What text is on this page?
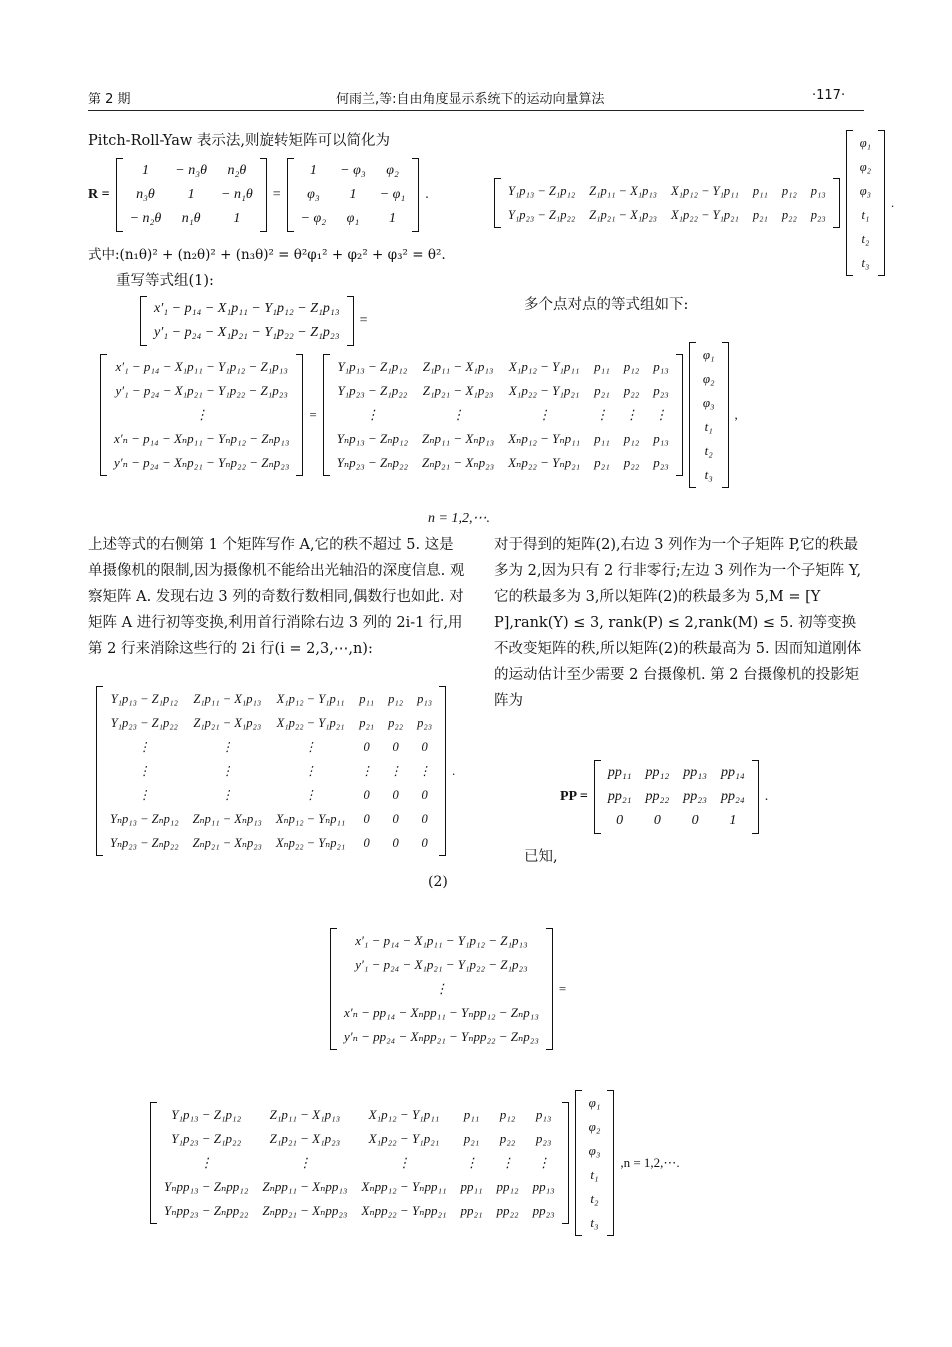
第 2 期	何雨兰,等:自由角度显示系统下的运动向量算法	·117·
Pitch-Roll-Yaw 表示法,则旋转矩阵可以简化为
R =
1	− n₃θ	n₂θ
n₃θ	1	− n₁θ
− n₂θ	n₁θ	1
=
1	− φ₃	φ₂
φ₃	1	− φ₁
− φ₂	φ₁	1
.
式中:(n₁θ)² + (n₂θ)² + (n₃θ)² = θ²φ₁² + φ₂² + φ₃² = θ².
重写等式组(1):
x′₁ − p₁₄ − X₁p₁₁ − Y₁p₁₂ − Z₁p₁₃
y′₁ − p₂₄ − X₁p₂₁ − Y₁p₂₂ − Z₁p₂₃
=
Y₁p₁₃ − Z₁p₁₂	Z₁p₁₁ − X₁p₁₃	X₁p₁₂ − Y₁p₁₁	p₁₁	p₁₂	p₁₃
Y₁p₂₃ − Z₁p₂₂	Z₁p₂₁ − X₁p₂₃	X₁p₂₂ − Y₁p₂₁	p₂₁	p₂₂	p₂₃
φ₁
φ₂
φ₃
t₁
t₂
t₃
.
多个点对点的等式组如下:
x′₁ − p₁₄ − X₁p₁₁ − Y₁p₁₂ − Z₁p₁₃
y′₁ − p₂₄ − X₁p₂₁ − Y₁p₂₂ − Z₁p₂₃
⋮
x′ₙ − p₁₄ − Xₙp₁₁ − Yₙp₁₂ − Zₙp₁₃
y′ₙ − p₂₄ − Xₙp₂₁ − Yₙp₂₂ − Zₙp₂₃
=
Y₁p₁₃ − Z₁p₁₂	Z₁p₁₁ − X₁p₁₃	X₁p₁₂ − Y₁p₁₁	p₁₁	p₁₂	p₁₃
Y₁p₂₃ − Z₁p₂₂	Z₁p₂₁ − X₁p₂₃	X₁p₂₂ − Y₁p₂₁	p₂₁	p₂₂	p₂₃
⋮	⋮	⋮	⋮	⋮	⋮
Yₙp₁₃ − Zₙp₁₂	Zₙp₁₁ − Xₙp₁₃	Xₙp₁₂ − Yₙp₁₁	p₁₁	p₁₂	p₁₃
Yₙp₂₃ − Zₙp₂₂	Zₙp₂₁ − Xₙp₂₃	Xₙp₂₂ − Yₙp₂₁	p₂₁	p₂₂	p₂₃
φ₁
φ₂
φ₃
t₁
t₂
t₃
,
n = 1,2,⋯.
上述等式的右侧第 1 个矩阵写作 A,它的秩不超过 5. 这是单摄像机的限制,因为摄像机不能给出光轴沿的深度信息. 观察矩阵 A. 发现右边 3 列的奇数行数相同,偶数行也如此. 对矩阵 A 进行初等变换,利用首行消除右边 3 列的 2i-1 行,用第 2 行来消除这些行的 2i 行(i = 2,3,⋯,n):
Y₁p₁₃ − Z₁p₁₂	Z₁p₁₁ − X₁p₁₃	X₁p₁₂ − Y₁p₁₁	p₁₁	p₁₂	p₁₃
Y₁p₂₃ − Z₁p₂₂	Z₁p₂₁ − X₁p₂₃	X₁p₂₂ − Y₁p₂₁	p₂₁	p₂₂	p₂₃
⋮	⋮	⋮	0	0	0
⋮	⋮	⋮	⋮	⋮	⋮
⋮	⋮	⋮	0	0	0
Yₙp₁₃ − Zₙp₁₂	Zₙp₁₁ − Xₙp₁₃	Xₙp₁₂ − Yₙp₁₁	0	0	0
Yₙp₂₃ − Zₙp₂₂	Zₙp₂₁ − Xₙp₂₃	Xₙp₂₂ − Yₙp₂₁	0	0	0
.
(2)
对于得到的矩阵(2),右边 3 列作为一个子矩阵 P,它的秩最多为 2,因为只有 2 行非零行;左边 3 列作为一个子矩阵 Y,它的秩最多为 3,所以矩阵(2)的秩最多为 5,M = [Y P],rank(Y) ≤ 3, rank(P) ≤ 2,rank(M) ≤ 5. 初等变换不改变矩阵的秩,所以矩阵(2)的秩最高为 5. 因而知道刚体的运动估计至少需要 2 台摄像机. 第 2 台摄像机的投影矩阵为
PP =
pp₁₁	pp₁₂	pp₁₃	pp₁₄
pp₂₁	pp₂₂	pp₂₃	pp₂₄
0	0	0	1
.
已知,
x′₁ − p₁₄ − X₁p₁₁ − Y₁p₁₂ − Z₁p₁₃
y′₁ − p₂₄ − X₁p₂₁ − Y₁p₂₂ − Z₁p₂₃
⋮
x′ₙ − pp₁₄ − Xₙpp₁₁ − Yₙpp₁₂ − Zₙp₁₃
y′ₙ − pp₂₄ − Xₙpp₂₁ − Yₙpp₂₂ − Zₙp₂₃
=
Y₁p₁₃ − Z₁p₁₂	Z₁p₁₁ − X₁p₁₃	X₁p₁₂ − Y₁p₁₁	p₁₁	p₁₂	p₁₃
Y₁p₂₃ − Z₁p₂₂	Z₁p₂₁ − X₁p₂₃	X₁p₂₂ − Y₁p₂₁	p₂₁	p₂₂	p₂₃
⋮	⋮	⋮	⋮	⋮	⋮
Yₙpp₁₃ − Zₙpp₁₂	Zₙpp₁₁ − Xₙpp₁₃	Xₙpp₁₂ − Yₙpp₁₁	pp₁₁	pp₁₂	pp₁₃
Yₙpp₂₃ − Zₙpp₂₂	Zₙpp₂₁ − Xₙpp₂₃	Xₙpp₂₂ − Yₙpp₂₁	pp₂₁	pp₂₂	pp₂₃
φ₁
φ₂
φ₃
t₁
t₂
t₃
,n = 1,2,⋯.
